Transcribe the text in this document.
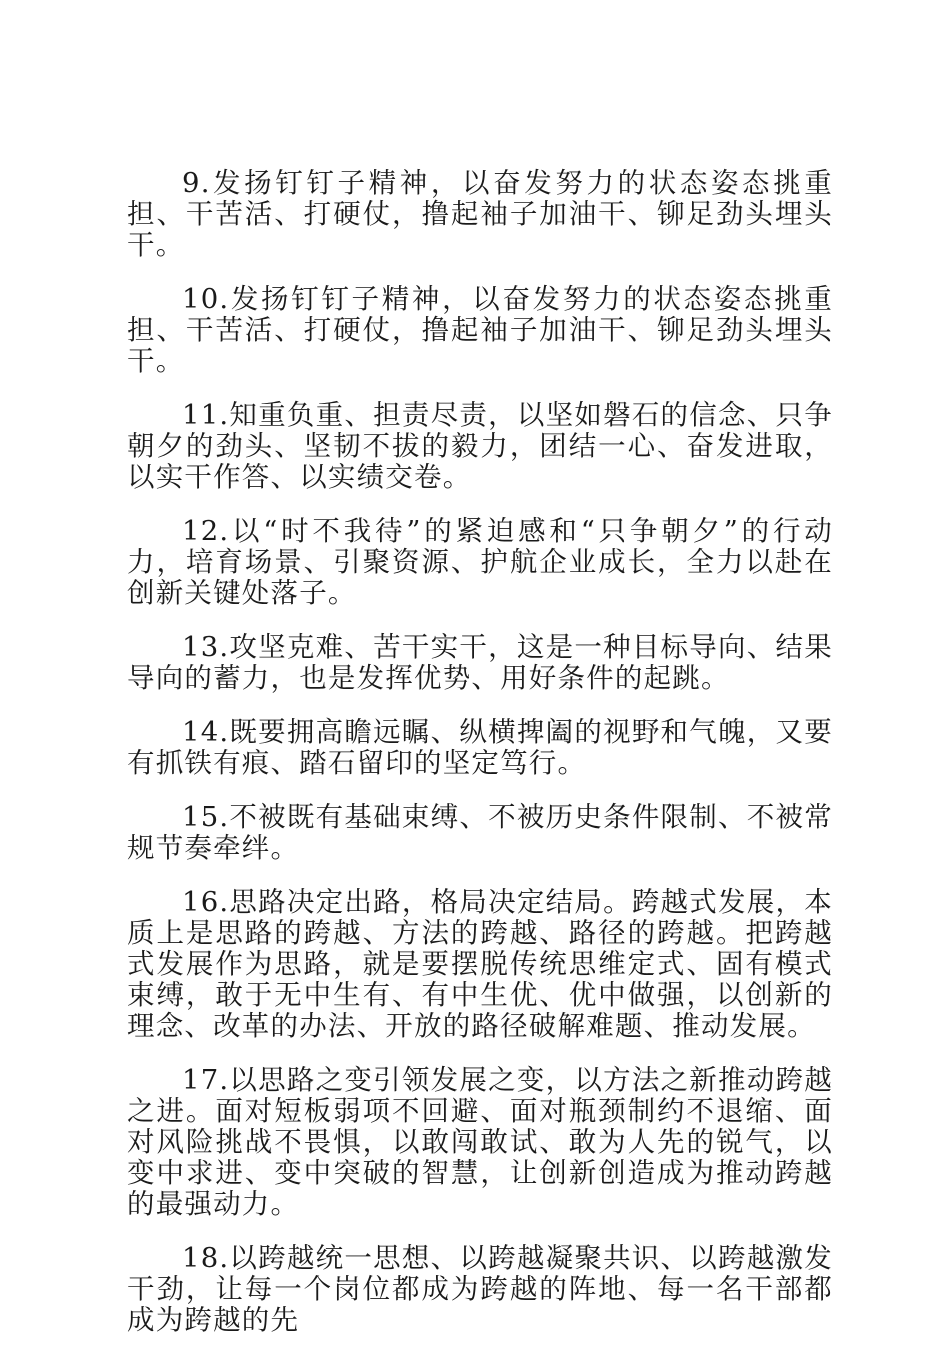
9.发扬钉钉子精神，以奋发努力的状态姿态挑重担、干苦活、打硬仗，撸起袖子加油干、铆足劲头埋头干。

10.发扬钉钉子精神，以奋发努力的状态姿态挑重担、干苦活、打硬仗，撸起袖子加油干、铆足劲头埋头干。

11.知重负重、担责尽责，以坚如磐石的信念、只争朝夕的劲头、坚韧不拔的毅力，团结一心、奋发进取，以实干作答、以实绩交卷。

12.以“时不我待”的紧迫感和“只争朝夕”的行动力，培育场景、引聚资源、护航企业成长，全力以赴在创新关键处落子。

13.攻坚克难、苦干实干，这是一种目标导向、结果导向的蓄力，也是发挥优势、用好条件的起跳。

14.既要拥高瞻远瞩、纵横捭阖的视野和气魄，又要有抓铁有痕、踏石留印的坚定笃行。

15.不被既有基础束缚、不被历史条件限制、不被常规节奏牵绊。

16.思路决定出路，格局决定结局。跨越式发展，本质上是思路的跨越、方法的跨越、路径的跨越。把跨越式发展作为思路，就是要摆脱传统思维定式、固有模式束缚，敢于无中生有、有中生优、优中做强，以创新的理念、改革的办法、开放的路径破解难题、推动发展。

17.以思路之变引领发展之变，以方法之新推动跨越之进。面对短板弱项不回避、面对瓶颈制约不退缩、面对风险挑战不畏惧，以敢闯敢试、敢为人先的锐气，以变中求进、变中突破的智慧，让创新创造成为推动跨越的最强动力。

18.以跨越统一思想、以跨越凝聚共识、以跨越激发干劲，让每一个岗位都成为跨越的阵地、每一名干部都成为跨越的先
